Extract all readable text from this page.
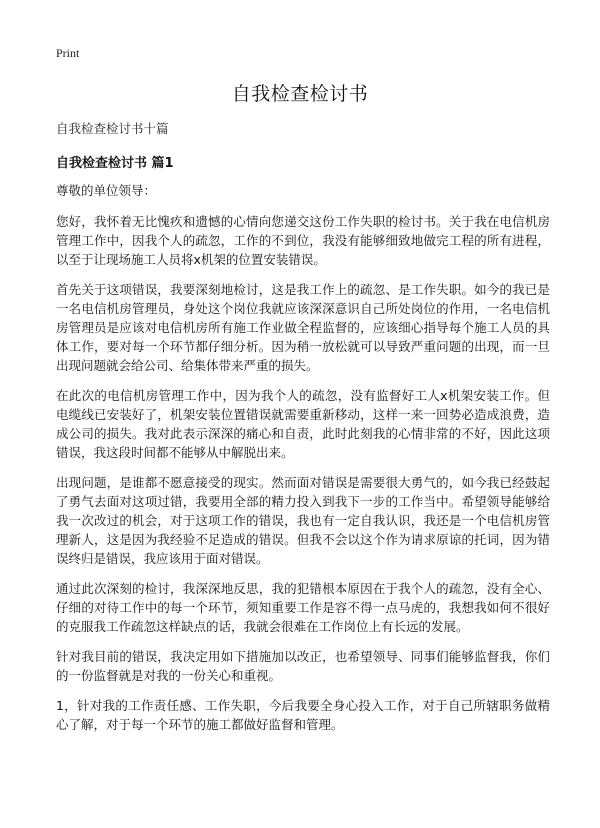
Print
自我检查检讨书
自我检查检讨书十篇
自我检查检讨书 篇1

尊敬的单位领导：

您好，我怀着无比愧疚和遗憾的心情向您递交这份工作失职的检讨书。关于我在电信机房管理工作中，因我个人的疏忽，工作的不到位，我没有能够细致地做完工程的所有进程，以至于让现场施工人员将x机架的位置安装错误。

首先关于这项错误，我要深刻地检讨，这是我工作上的疏忽、是工作失职。如今的我已是一名电信机房管理员，身处这个岗位我就应该深深意识自己所处岗位的作用，一名电信机房管理员是应该对电信机房所有施工作业做全程监督的，应该细心指导每个施工人员的具体工作，要对每一个环节都仔细分析。因为稍一放松就可以导致严重问题的出现，而一旦出现问题就会给公司、给集体带来严重的损失。

在此次的电信机房管理工作中，因为我个人的疏忽，没有监督好工人x机架安装工作。但电缆线已安装好了，机架安装位置错误就需要重新移动，这样一来一回势必造成浪费，造成公司的损失。我对此表示深深的痛心和自责，此时此刻我的心情非常的不好，因此这项错误，我这段时间都不能够从中解脱出来。

出现问题，是谁都不愿意接受的现实。然而面对错误是需要很大勇气的，如今我已经鼓起了勇气去面对这项过错，我要用全部的精力投入到我下一步的工作当中。希望领导能够给我一次改过的机会，对于这项工作的错误，我也有一定自我认识，我还是一个电信机房管理新人，这是因为我经验不足造成的错误。但我不会以这个作为请求原谅的托词，因为错误终归是错误，我应该用于面对错误。

通过此次深刻的检讨，我深深地反思，我的犯错根本原因在于我个人的疏忽，没有全心、仔细的对待工作中的每一个环节，须知重要工作是容不得一点马虎的，我想我如何不很好的克服我工作疏忽这样缺点的话，我就会很难在工作岗位上有长远的发展。

针对我目前的错误，我决定用如下措施加以改正，也希望领导、同事们能够监督我，你们的一份监督就是对我的一份关心和重视。

1，针对我的工作责任感、工作失职，今后我要全身心投入工作，对于自己所辖职务做精心了解，对于每一个环节的施工都做好监督和管理。
